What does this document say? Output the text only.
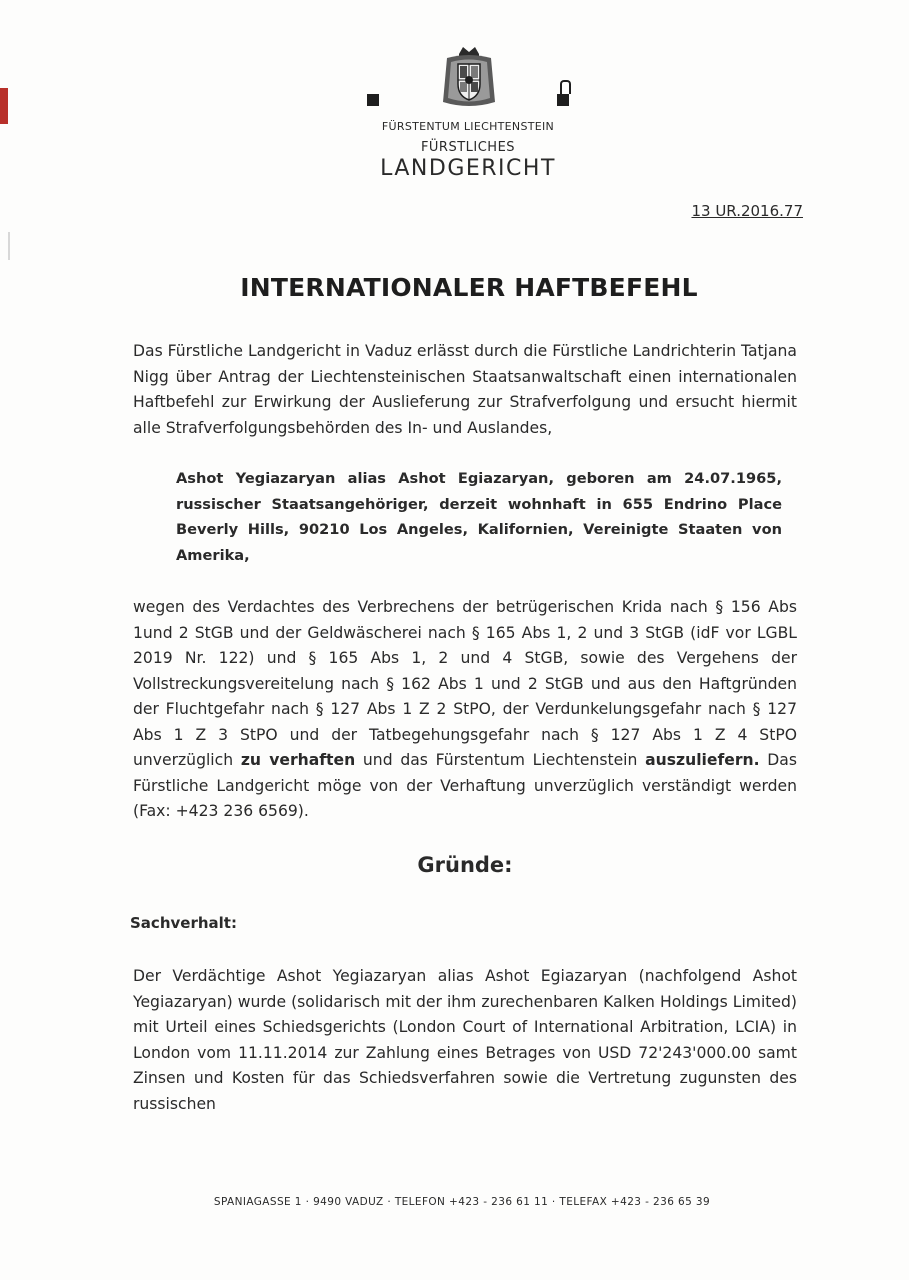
FÜRSTENTUM LIECHTENSTEIN
FÜRSTLICHES
LANDGERICHT
13 UR.2016.77
INTERNATIONALER HAFTBEFEHL
Das Fürstliche Landgericht in Vaduz erlässt durch die Fürstliche Landrichterin Tatjana Nigg über Antrag der Liechtensteinischen Staatsanwaltschaft einen internationalen Haftbefehl zur Erwirkung der Auslieferung zur Strafverfolgung und ersucht hiermit alle Strafverfolgungsbehörden des In- und Auslandes,
Ashot Yegiazaryan alias Ashot Egiazaryan, geboren am 24.07.1965, russischer Staatsangehöriger, derzeit wohnhaft in 655 Endrino Place Beverly Hills, 90210 Los Angeles, Kalifornien, Vereinigte Staaten von Amerika,
wegen des Verdachtes des Verbrechens der betrügerischen Krida nach § 156 Abs 1und 2 StGB und der Geldwäscherei nach § 165 Abs 1, 2 und 3 StGB (idF vor LGBL 2019 Nr. 122) und § 165 Abs 1, 2 und 4 StGB, sowie des Vergehens der Vollstreckungsvereitelung nach § 162 Abs 1 und 2 StGB und aus den Haftgründen der Fluchtgefahr nach § 127 Abs 1 Z 2 StPO, der Verdunkelungsgefahr nach § 127 Abs 1 Z 3 StPO und der Tatbegehungsgefahr nach § 127 Abs 1 Z 4 StPO unverzüglich zu verhaften und das Fürstentum Liechtenstein auszuliefern. Das Fürstliche Landgericht möge von der Verhaftung unverzüglich verständigt werden (Fax: +423 236 6569).
Gründe:
Sachverhalt:
Der Verdächtige Ashot Yegiazaryan alias Ashot Egiazaryan (nachfolgend Ashot Yegiazaryan) wurde (solidarisch mit der ihm zurechenbaren Kalken Holdings Limited) mit Urteil eines Schiedsgerichts (London Court of International Arbitration, LCIA) in London vom 11.11.2014 zur Zahlung eines Betrages von USD 72'243'000.00 samt Zinsen und Kosten für das Schiedsverfahren sowie die Vertretung zugunsten des russischen
SPANIAGASSE 1 · 9490 VADUZ · TELEFON +423 - 236 61 11 · TELEFAX +423 - 236 65 39
